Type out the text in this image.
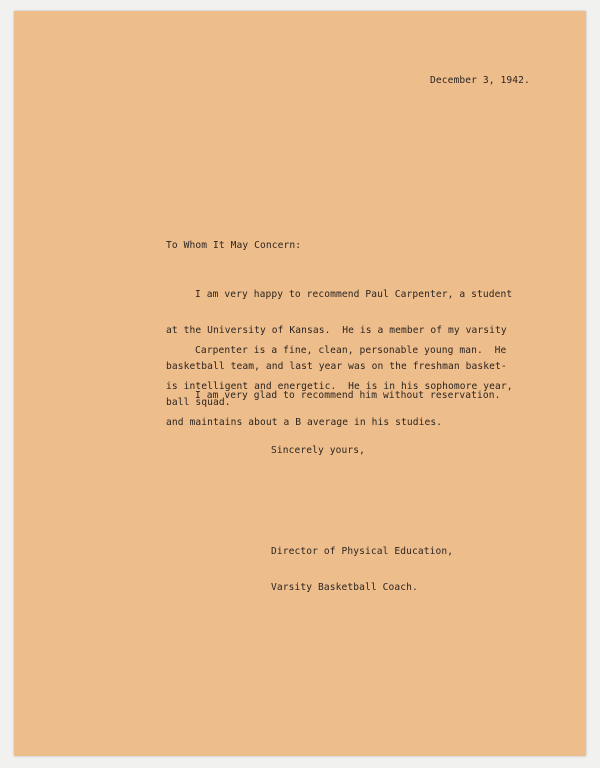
December 3, 1942.
To Whom It May Concern:

I am very happy to recommend Paul Carpenter, a student

at the University of Kansas.  He is a member of my varsity

basketball team, and last year was on the freshman basket-

ball squad.

Carpenter is a fine, clean, personable young man.  He

is intelligent and energetic.  He is in his sophomore year,

and maintains about a B average in his studies.

I am very glad to recommend him without reservation.

Sincerely yours,

Director of Physical Education,

Varsity Basketball Coach.
